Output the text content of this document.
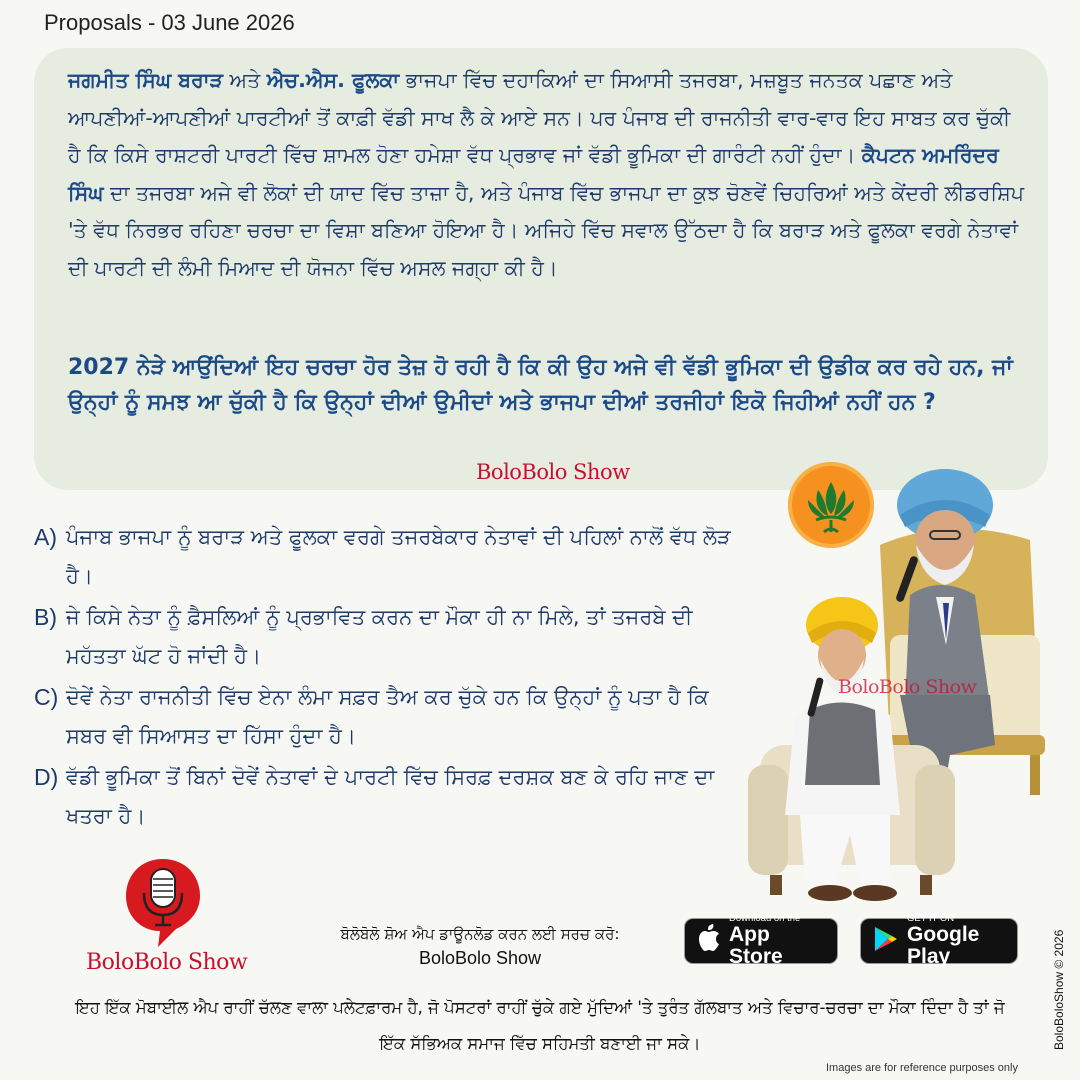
Proposals - 03 June 2026

ਜਗਮੀਤ ਸਿੰਘ ਬਰਾੜ ਅਤੇ ਐਚ.ਐਸ. ਫੂਲਕਾ ਭਾਜਪਾ ਵਿੱਚ ਦਹਾਕਿਆਂ ਦਾ ਸਿਆਸੀ ਤਜਰਬਾ, ਮਜ਼ਬੂਤ ਜਨਤਕ ਪਛਾਣ ਅਤੇ ਆਪਣੀਆਂ-ਆਪਣੀਆਂ ਪਾਰਟੀਆਂ ਤੋਂ ਕਾਫ਼ੀ ਵੱਡੀ ਸਾਖ ਲੈ ਕੇ ਆਏ ਸਨ। ਪਰ ਪੰਜਾਬ ਦੀ ਰਾਜਨੀਤੀ ਵਾਰ-ਵਾਰ ਇਹ ਸਾਬਤ ਕਰ ਚੁੱਕੀ ਹੈ ਕਿ ਕਿਸੇ ਰਾਸ਼ਟਰੀ ਪਾਰਟੀ ਵਿੱਚ ਸ਼ਾਮਲ ਹੋਣਾ ਹਮੇਸ਼ਾ ਵੱਧ ਪ੍ਰਭਾਵ ਜਾਂ ਵੱਡੀ ਭੂਮਿਕਾ ਦੀ ਗਾਰੰਟੀ ਨਹੀਂ ਹੁੰਦਾ। ਕੈਪਟਨ ਅਮਰਿੰਦਰ ਸਿੰਘ ਦਾ ਤਜਰਬਾ ਅਜੇ ਵੀ ਲੋਕਾਂ ਦੀ ਯਾਦ ਵਿੱਚ ਤਾਜ਼ਾ ਹੈ, ਅਤੇ ਪੰਜਾਬ ਵਿੱਚ ਭਾਜਪਾ ਦਾ ਕੁਝ ਚੋਣਵੇਂ ਚਿਹਰਿਆਂ ਅਤੇ ਕੇਂਦਰੀ ਲੀਡਰਸ਼ਿਪ 'ਤੇ ਵੱਧ ਨਿਰਭਰ ਰਹਿਣਾ ਚਰਚਾ ਦਾ ਵਿਸ਼ਾ ਬਣਿਆ ਹੋਇਆ ਹੈ। ਅਜਿਹੇ ਵਿੱਚ ਸਵਾਲ ਉੱਠਦਾ ਹੈ ਕਿ ਬਰਾੜ ਅਤੇ ਫੂਲਕਾ ਵਰਗੇ ਨੇਤਾਵਾਂ ਦੀ ਪਾਰਟੀ ਦੀ ਲੰਮੀ ਮਿਆਦ ਦੀ ਯੋਜਨਾ ਵਿੱਚ ਅਸਲ ਜਗ੍ਹਾ ਕੀ ਹੈ।

2027 ਨੇੜੇ ਆਉਂਦਿਆਂ ਇਹ ਚਰਚਾ ਹੋਰ ਤੇਜ਼ ਹੋ ਰਹੀ ਹੈ ਕਿ ਕੀ ਉਹ ਅਜੇ ਵੀ ਵੱਡੀ ਭੂਮਿਕਾ ਦੀ ਉਡੀਕ ਕਰ ਰਹੇ ਹਨ, ਜਾਂ ਉਨ੍ਹਾਂ ਨੂੰ ਸਮਝ ਆ ਚੁੱਕੀ ਹੈ ਕਿ ਉਨ੍ਹਾਂ ਦੀਆਂ ਉਮੀਦਾਂ ਅਤੇ ਭਾਜਪਾ ਦੀਆਂ ਤਰਜੀਹਾਂ ਇਕੋ ਜਿਹੀਆਂ ਨਹੀਂ ਹਨ ?

BoloBolo Show
A) ਪੰਜਾਬ ਭਾਜਪਾ ਨੂੰ ਬਰਾੜ ਅਤੇ ਫੂਲਕਾ ਵਰਗੇ ਤਜਰਬੇਕਾਰ ਨੇਤਾਵਾਂ ਦੀ ਪਹਿਲਾਂ ਨਾਲੋਂ ਵੱਧ ਲੋੜ ਹੈ।
B) ਜੇ ਕਿਸੇ ਨੇਤਾ ਨੂੰ ਫ਼ੈਸਲਿਆਂ ਨੂੰ ਪ੍ਰਭਾਵਿਤ ਕਰਨ ਦਾ ਮੌਕਾ ਹੀ ਨਾ ਮਿਲੇ, ਤਾਂ ਤਜਰਬੇ ਦੀ ਮਹੱਤਤਾ ਘੱਟ ਹੋ ਜਾਂਦੀ ਹੈ।
C) ਦੋਵੇਂ ਨੇਤਾ ਰਾਜਨੀਤੀ ਵਿੱਚ ਏਨਾ ਲੰਮਾ ਸਫ਼ਰ ਤੈਅ ਕਰ ਚੁੱਕੇ ਹਨ ਕਿ ਉਨ੍ਹਾਂ ਨੂੰ ਪਤਾ ਹੈ ਕਿ ਸਬਰ ਵੀ ਸਿਆਸਤ ਦਾ ਹਿੱਸਾ ਹੁੰਦਾ ਹੈ।
D) ਵੱਡੀ ਭੂਮਿਕਾ ਤੋਂ ਬਿਨਾਂ ਦੋਵੇਂ ਨੇਤਾਵਾਂ ਦੇ ਪਾਰਟੀ ਵਿੱਚ ਸਿਰਫ਼ ਦਰਸ਼ਕ ਬਣ ਕੇ ਰਹਿ ਜਾਣ ਦਾ ਖਤਰਾ ਹੈ।
BoloBolo Show
BoloBolo Show
ਬੋਲੋਬੋਲੋ ਸ਼ੋਅ ਐਪ ਡਾਊਨਲੋਡ ਕਰਨ ਲਈ ਸਰਚ ਕਰੋ:
BoloBolo Show
Download on the
App Store
GET IT ON
Google Play
ਇਹ ਇੱਕ ਮੋਬਾਈਲ ਐਪ ਰਾਹੀਂ ਚੱਲਣ ਵਾਲਾ ਪਲੇਟਫ਼ਾਰਮ ਹੈ, ਜੋ ਪੋਸਟਰਾਂ ਰਾਹੀਂ ਚੁੱਕੇ ਗਏ ਮੁੱਦਿਆਂ 'ਤੇ ਤੁਰੰਤ ਗੱਲਬਾਤ ਅਤੇ ਵਿਚਾਰ-ਚਰਚਾ ਦਾ ਮੌਕਾ ਦਿੰਦਾ ਹੈ ਤਾਂ ਜੋ ਇੱਕ ਸੱਭਿਅਕ ਸਮਾਜ ਵਿੱਚ ਸਹਿਮਤੀ ਬਣਾਈ ਜਾ ਸਕੇ।	BoloBoloShow © 2026
Images are for reference purposes only
